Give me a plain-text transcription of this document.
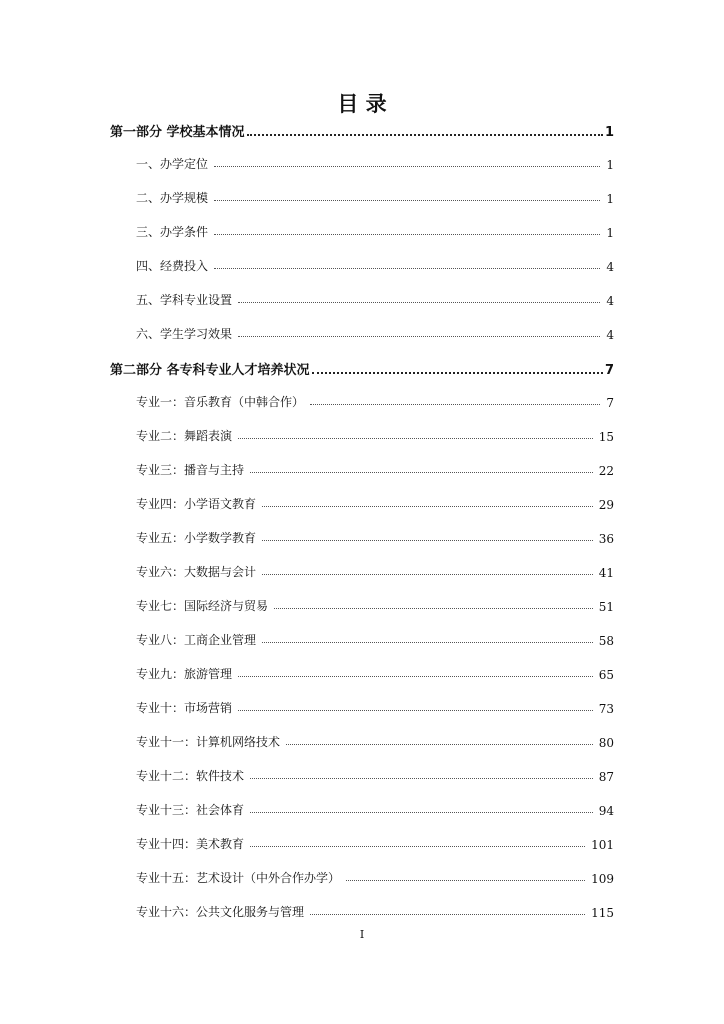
目 录
第一部分 学校基本情况	1
一、办学定位	1
二、办学规模	1
三、办学条件	1
四、经费投入	4
五、学科专业设置	4
六、学生学习效果	4
第二部分 各专科专业人才培养状况	7
专业一：音乐教育（中韩合作）	7
专业二：舞蹈表演	15
专业三：播音与主持	22
专业四：小学语文教育	29
专业五：小学数学教育	36
专业六：大数据与会计	41
专业七：国际经济与贸易	51
专业八：工商企业管理	58
专业九：旅游管理	65
专业十：市场营销	73
专业十一：计算机网络技术	80
专业十二：软件技术	87
专业十三：社会体育	94
专业十四：美术教育	101
专业十五：艺术设计（中外合作办学）	109
专业十六：公共文化服务与管理	115
I
